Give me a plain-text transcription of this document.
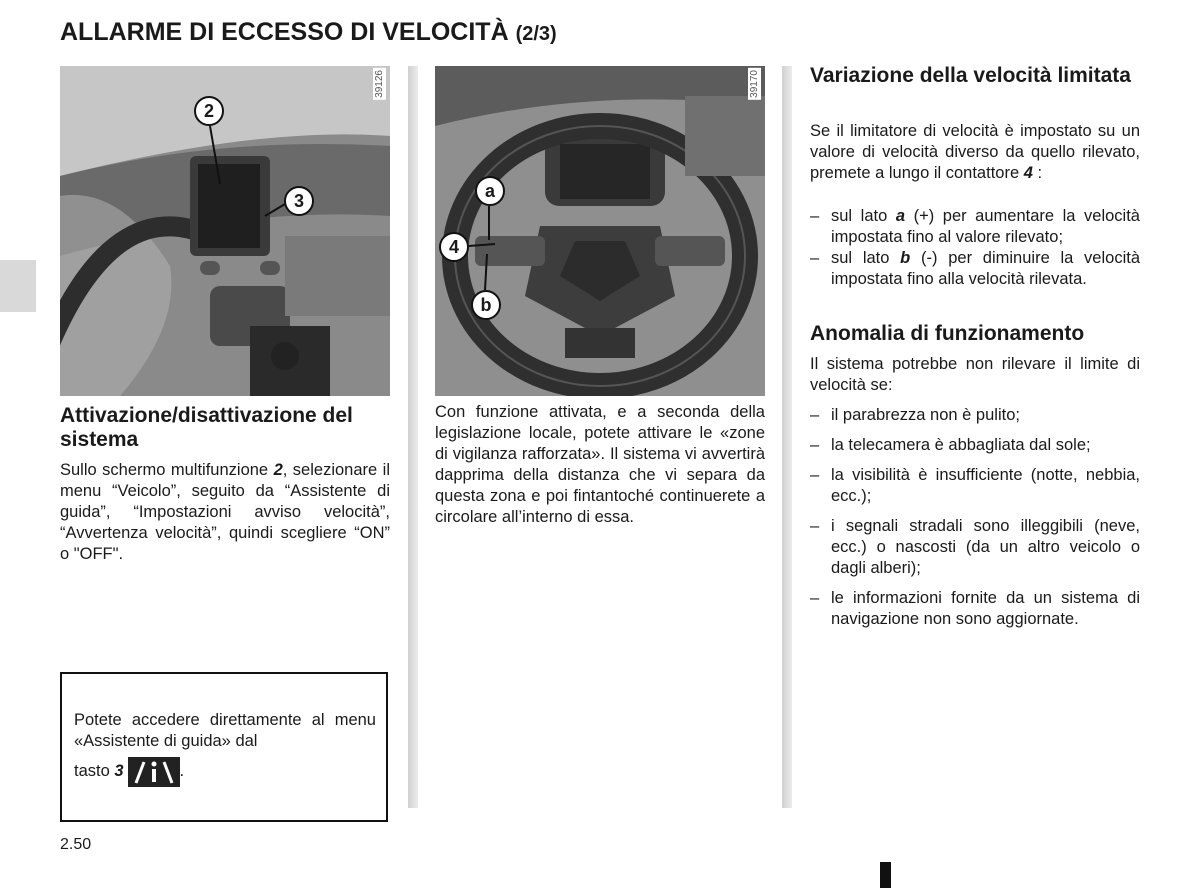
ALLARME DI ECCESSO DI VELOCITÀ (2/3)
39126
2
3
39170
a
4
b
Attivazione/disattivazione del sistema

Sullo schermo multifunzione 2, selezionare il menu “Veicolo”, seguito da “Assistente di guida”, “Impostazioni avviso velocità”, “Avvertenza velocità”, quindi scegliere “ON” o "OFF".

Potete accedere direttamente al menu «Assistente di guida» dal

tasto 3	.

Con funzione attivata, e a seconda della legislazione locale, potete attivare le «zone di vigilanza rafforzata». Il sistema vi avvertirà dapprima della distanza che vi separa da questa zona e poi fintantoché continuerete a circolare all’interno di essa.

Variazione della velocità limitata

Se il limitatore di velocità è impostato su un valore di velocità diverso da quello rilevato, premete a lungo il contattore 4 :

– sul lato a (+) per aumentare la velocità impostata fino al valore rilevato;
– sul lato b (-) per diminuire la velocità impostata fino alla velocità rilevata.
Anomalia di funzionamento

Il sistema potrebbe non rilevare il limite di velocità se:

– il parabrezza non è pulito;
– la telecamera è abbagliata dal sole;
– la visibilità è insufficiente (notte, nebbia, ecc.);
– i segnali stradali sono illeggibili (neve, ecc.) o nascosti (da un altro veicolo o dagli alberi);
– le informazioni fornite da un sistema di navigazione non sono aggiornate.
2.50
